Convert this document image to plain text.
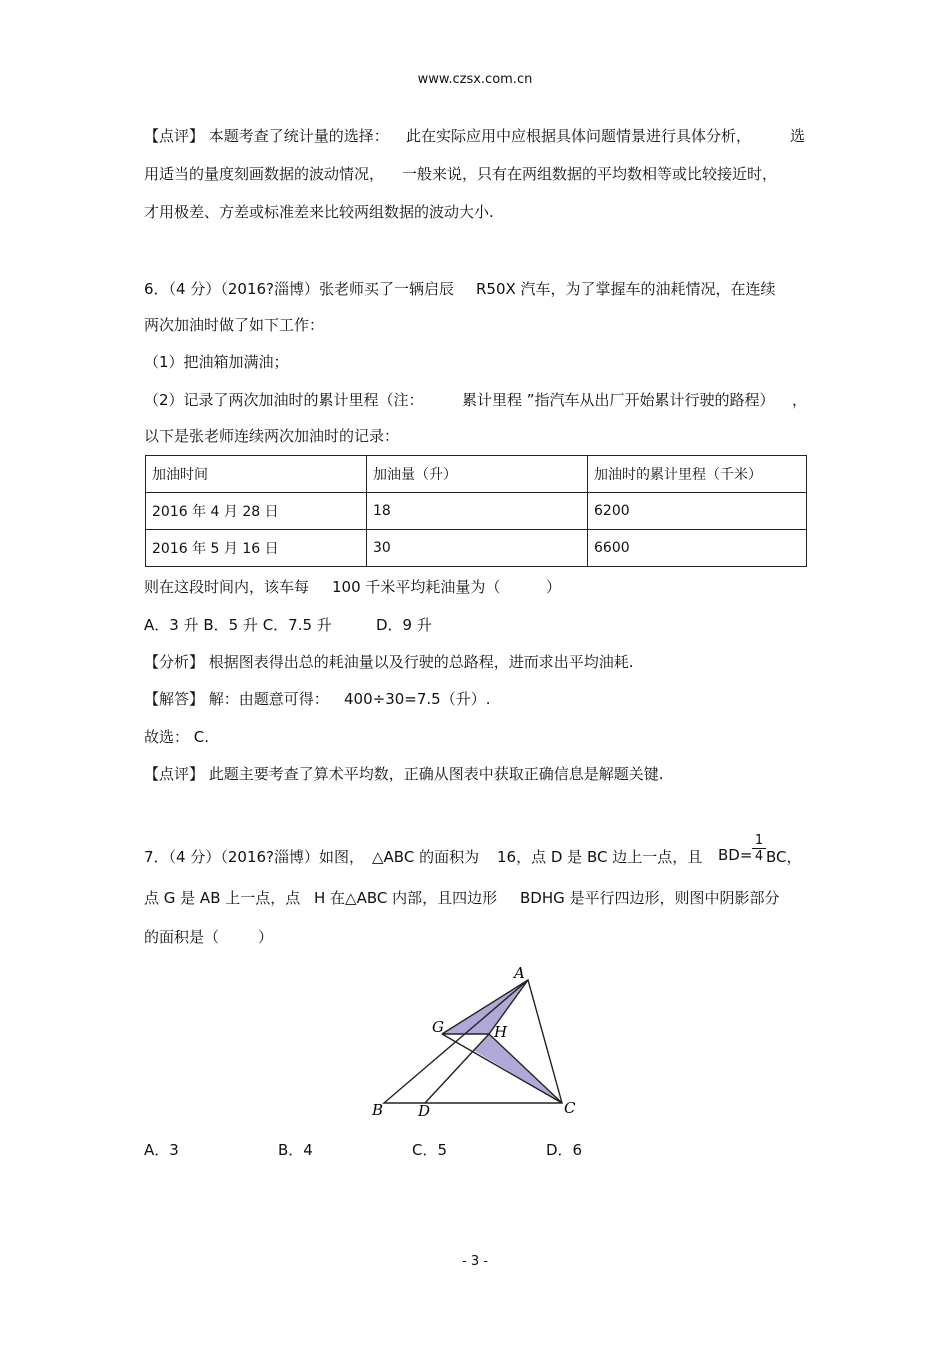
www.czsx.com.cn
【点评】 本题考查了统计量的选择： 此在实际应用中应根据具体问题情景进行具体分析，	选
用适当的量度刻画数据的波动情况， 一般来说，只有在两组数据的平均数相等或比较接近时，
才用极差、方差或标准差来比较两组数据的波动大小.
6．（4 分）（2016?淄博）张老师买了一辆启辰 R50X 汽车，为了掌握车的油耗情况，在连续
两次加油时做了如下工作：
（1）把油箱加满油；
（2）记录了两次加油时的累计里程（注：	累计里程 ”指汽车从出厂开始累计行驶的路程） ，
以下是张老师连续两次加油时的记录：
加油时间	加油量（升）	加油时的累计里程（千米）
2016 年 4 月 28 日	18	6200
2016 年 5 月 16 日	30	6600
则在这段时间内，该车每 100 千米平均耗油量为（	）
A．3 升 B．5 升 C．7.5 升	D．9 升
【分析】 根据图表得出总的耗油量以及行驶的总路程，进而求出平均油耗.
【解答】 解：由题意可得： 400÷30=7.5（升）.
故选： C.
【点评】 此题主要考查了算术平均数，正确从图表中获取正确信息是解题关键.
7．（4 分）（2016?淄博）如图， △ABC 的面积为 16，点 D 是 BC 边上一点，且 BD=
1
4 BC，
点 G 是 AB 上一点，点 H 在△ABC 内部，且四边形 BDHG 是平行四边形，则图中阴影部分
的面积是（	）
A
G	H
B D	C
A．3	B．4	C．5	D．6
- 3 -
